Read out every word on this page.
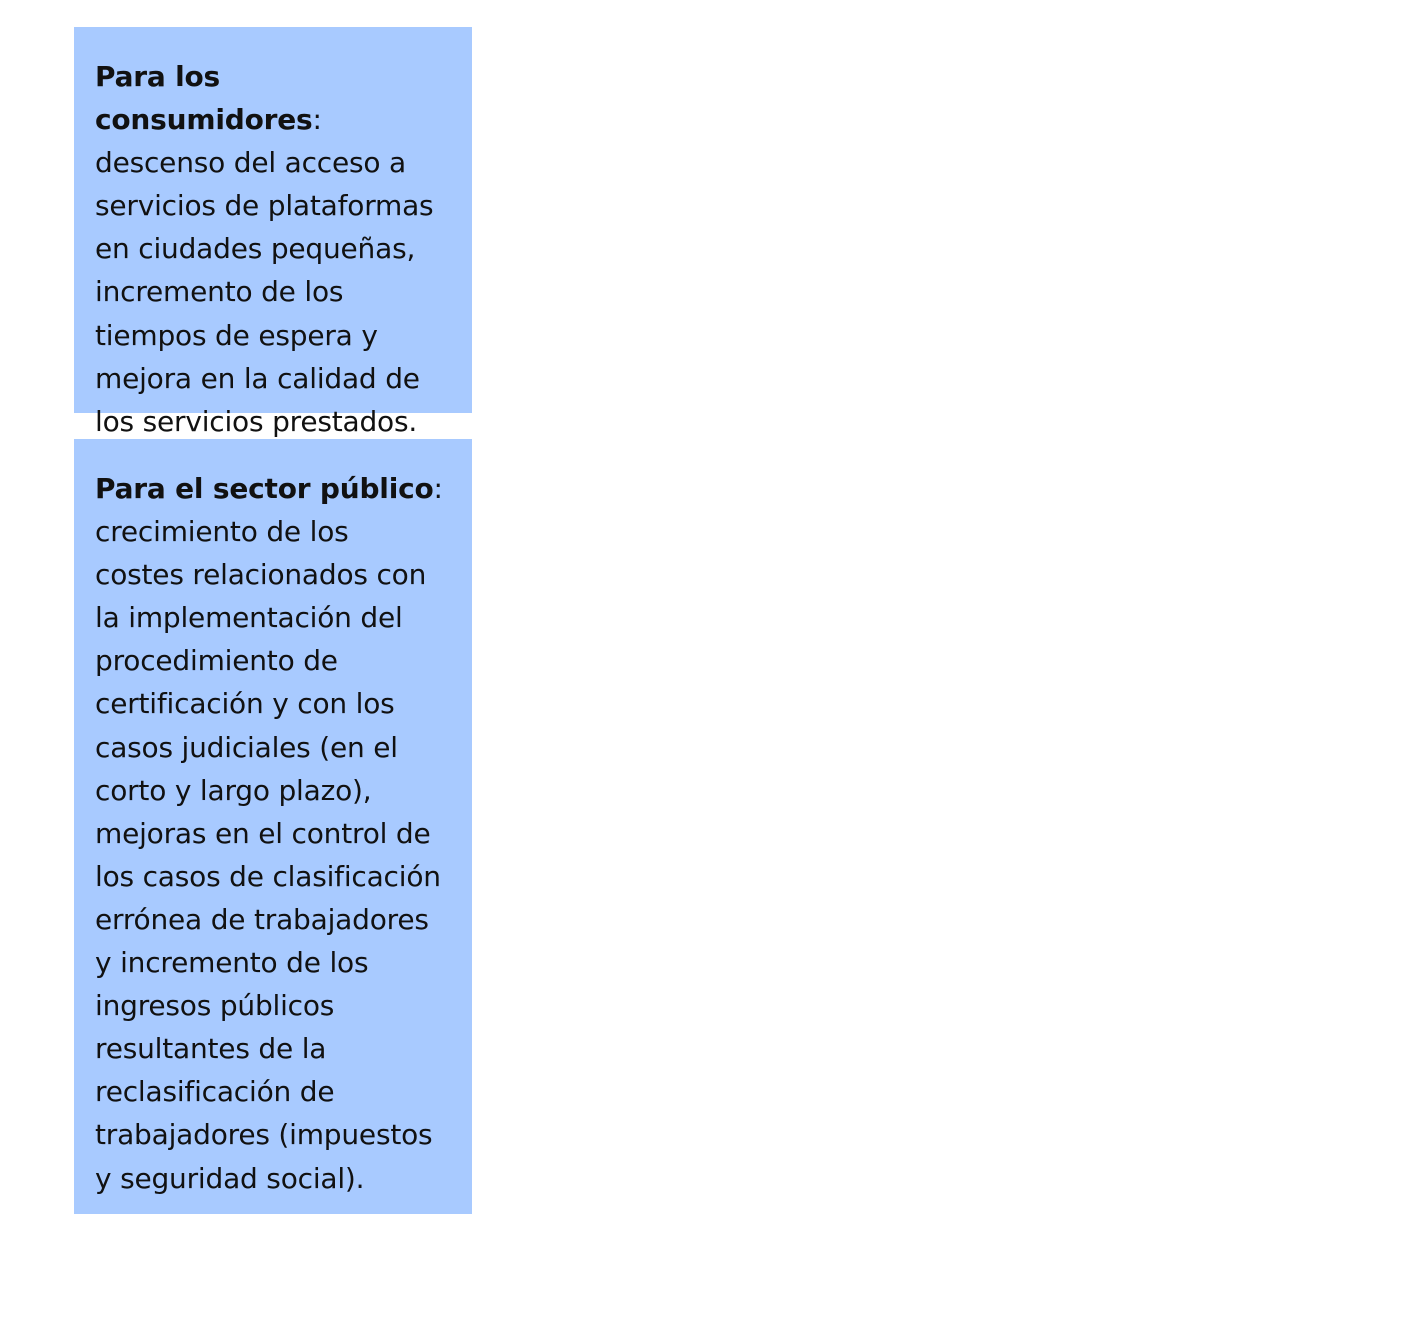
Para los consumidores:

descenso del acceso a

servicios de plataformas

en ciudades pequeñas,

incremento de los

tiempos de espera y

mejora en la calidad de

los servicios prestados.

Para el sector público:

crecimiento de los

costes relacionados con

la implementación del

procedimiento de

certificación y con los

casos judiciales (en el

corto y largo plazo),

mejoras en el control de

los casos de clasificación

errónea de trabajadores

y incremento de los

ingresos públicos

resultantes de la

reclasificación de

trabajadores (impuestos

y seguridad social).
